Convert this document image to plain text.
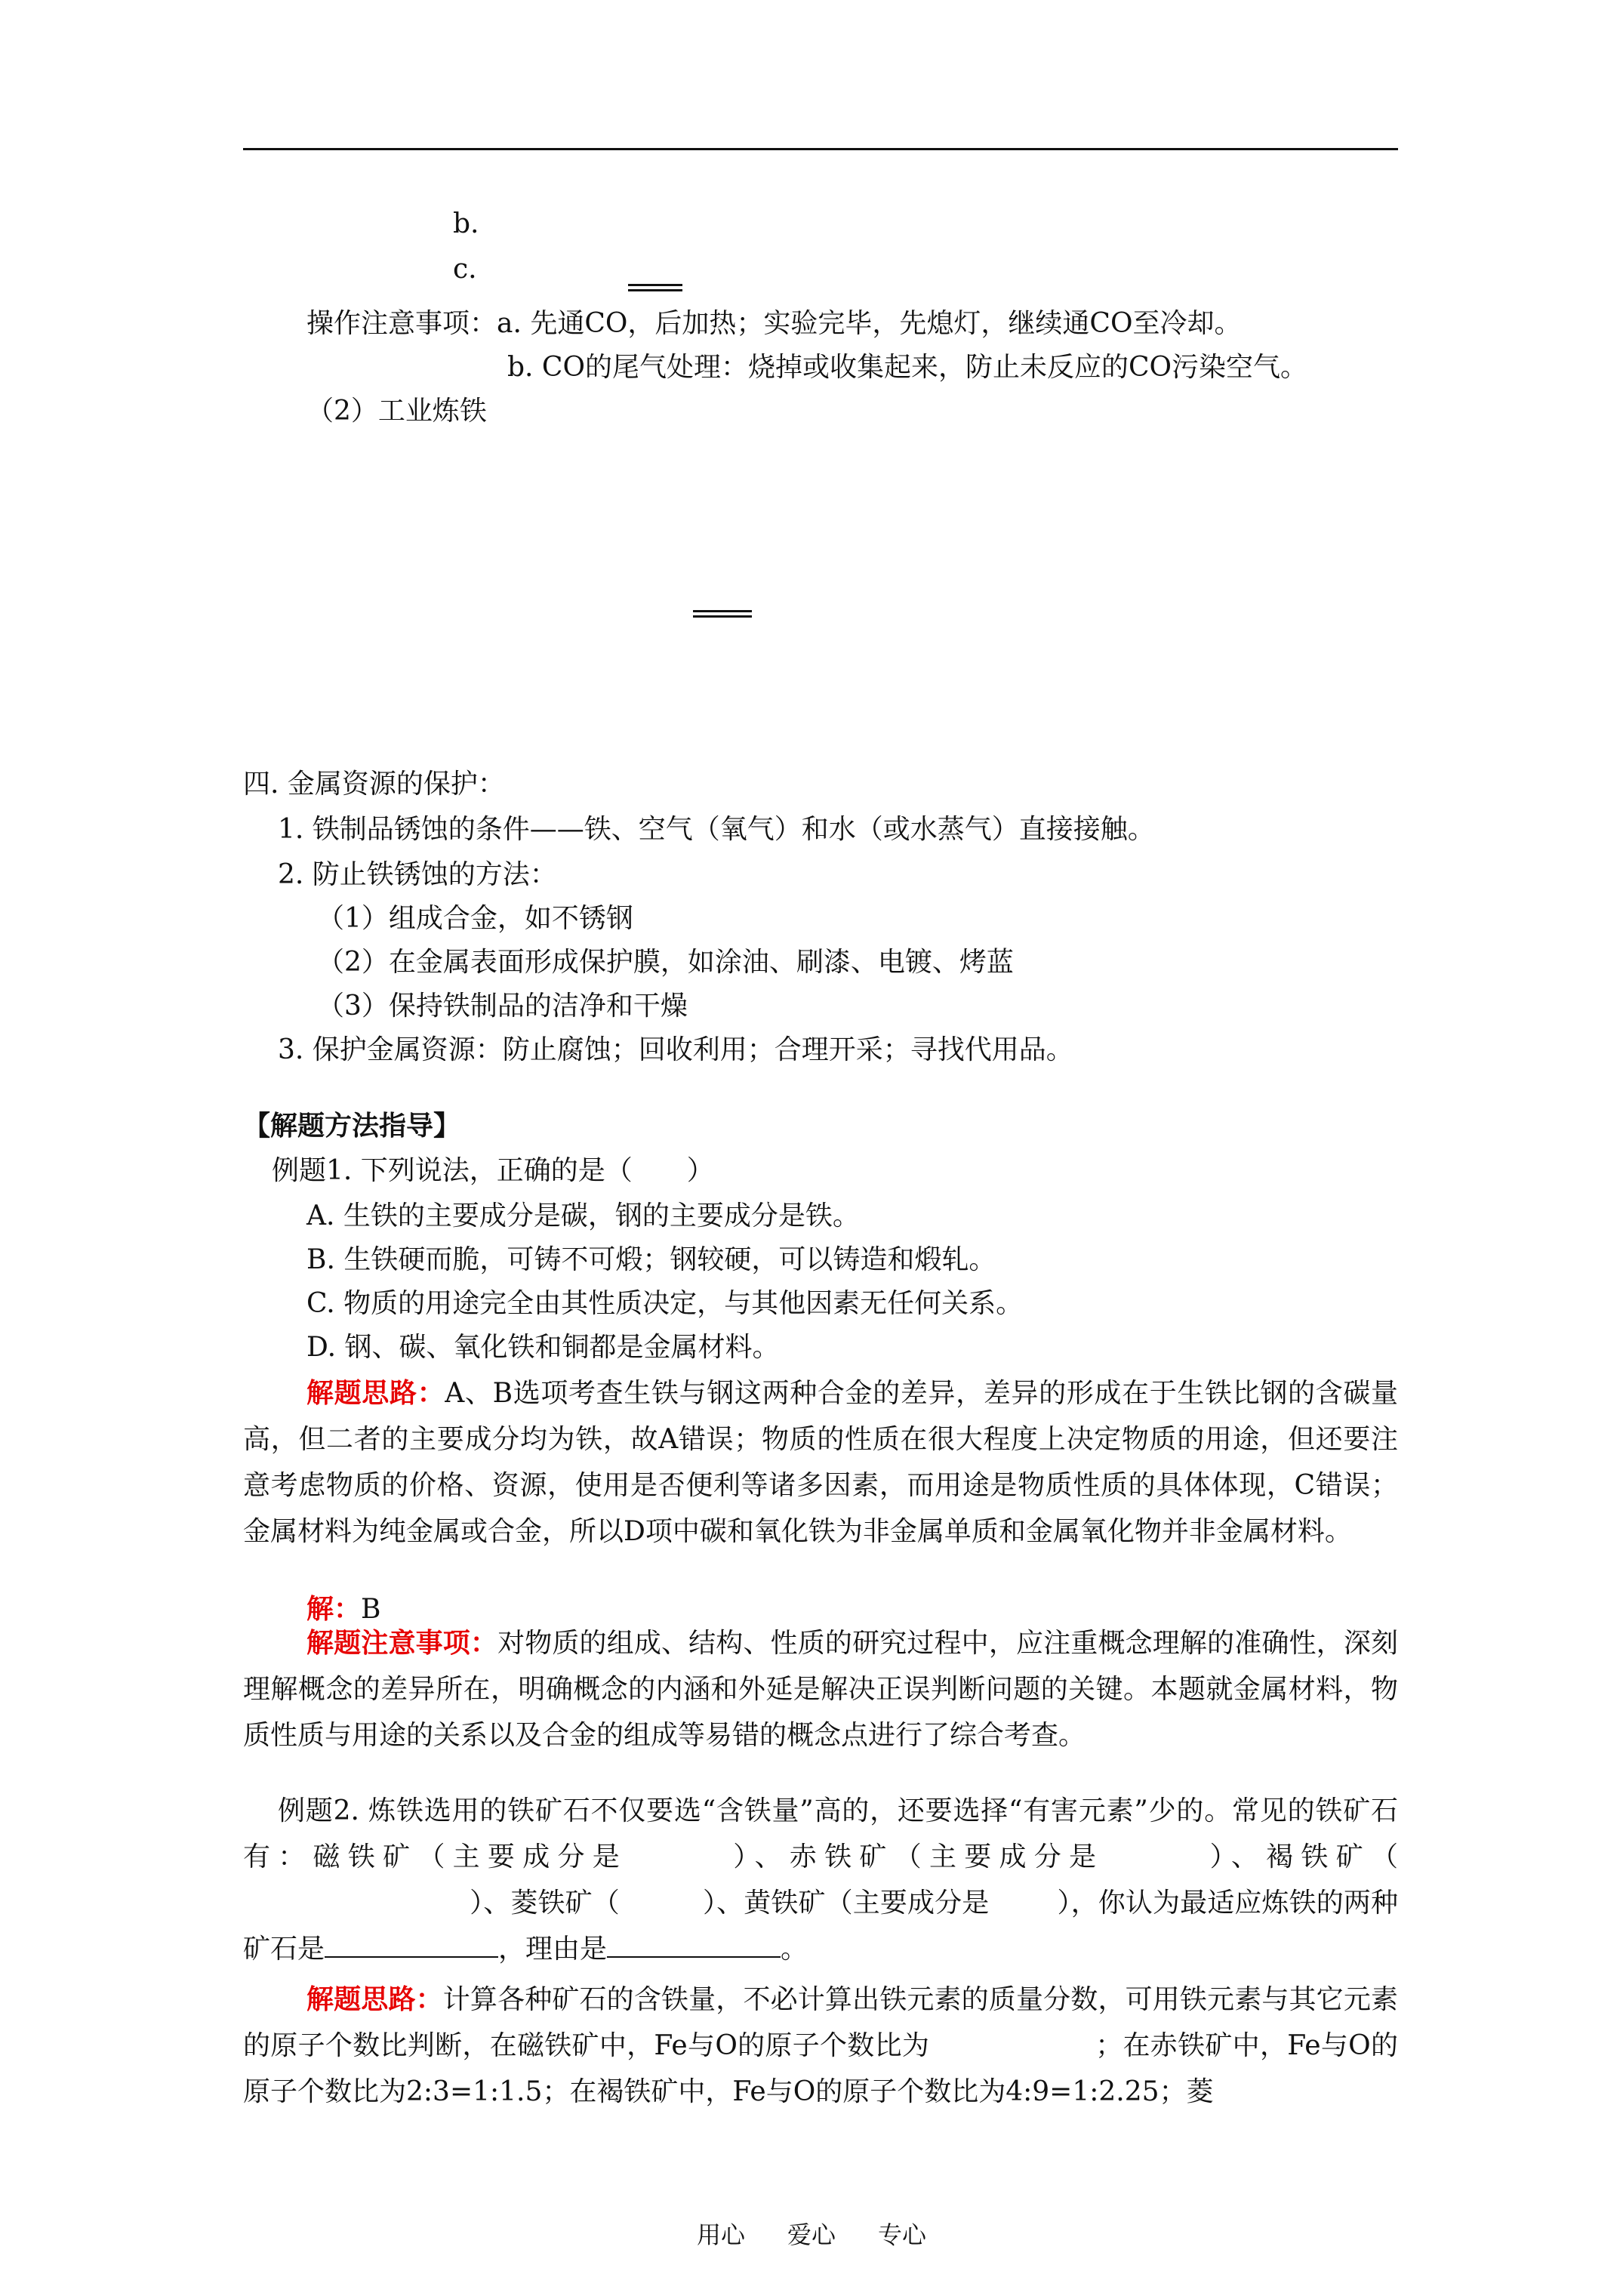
b.
c.
操作注意事项：a. 先通CO，后加热；实验完毕，先熄灯，继续通CO至冷却。
b. CO的尾气处理：烧掉或收集起来，防止未反应的CO污染空气。
（2）工业炼铁
四. 金属资源的保护：
1. 铁制品锈蚀的条件——铁、空气（氧气）和水（或水蒸气）直接接触。
2. 防止铁锈蚀的方法：
（1）组成合金，如不锈钢
（2）在金属表面形成保护膜，如涂油、刷漆、电镀、烤蓝
（3）保持铁制品的洁净和干燥
3. 保护金属资源：防止腐蚀；回收利用；合理开采；寻找代用品。
【解题方法指导】
例题1. 下列说法，正确的是（　　）
A. 生铁的主要成分是碳，钢的主要成分是铁。
B. 生铁硬而脆，可铸不可煅；钢较硬，可以铸造和煅轧。
C. 物质的用途完全由其性质决定，与其他因素无任何关系。
D. 钢、碳、氧化铁和铜都是金属材料。
解题思路：A、B选项考查生铁与钢这两种合金的差异，差异的形成在于生铁比钢的含碳量高，但二者的主要成分均为铁，故A错误；物质的性质在很大程度上决定物质的用途，但还要注意考虑物质的价格、资源，使用是否便利等诸多因素，而用途是物质性质的具体体现，C错误；金属材料为纯金属或合金，所以D项中碳和氧化铁为非金属单质和金属氧化物并非金属材料。
解：B
解题注意事项：对物质的组成、结构、性质的研究过程中，应注重概念理解的准确性，深刻理解概念的差异所在，明确概念的内涵和外延是解决正误判断问题的关键。本题就金属材料，物质性质与用途的关系以及合金的组成等易错的概念点进行了综合考查。
例题2. 炼铁选用的铁矿石不仅要选“含铁量”高的，还要选择“有害元素”少的。常见的铁矿石有：磁铁矿（主要成分是	）、赤铁矿（主要成分是	）、褐铁矿（）、菱铁矿（	）、黄铁矿（主要成分是	），你认为最适应炼铁的两种矿石是	，理由是	。
解题思路：计算各种矿石的含铁量，不必计算出铁元素的质量分数，可用铁元素与其它元素的原子个数比判断，在磁铁矿中，Fe与O的原子个数比为	；在赤铁矿中，Fe与O的原子个数比为2:3=1:1.5；在褐铁矿中，Fe与O的原子个数比为4:9=1:2.25；菱
用心 爱心 专心
